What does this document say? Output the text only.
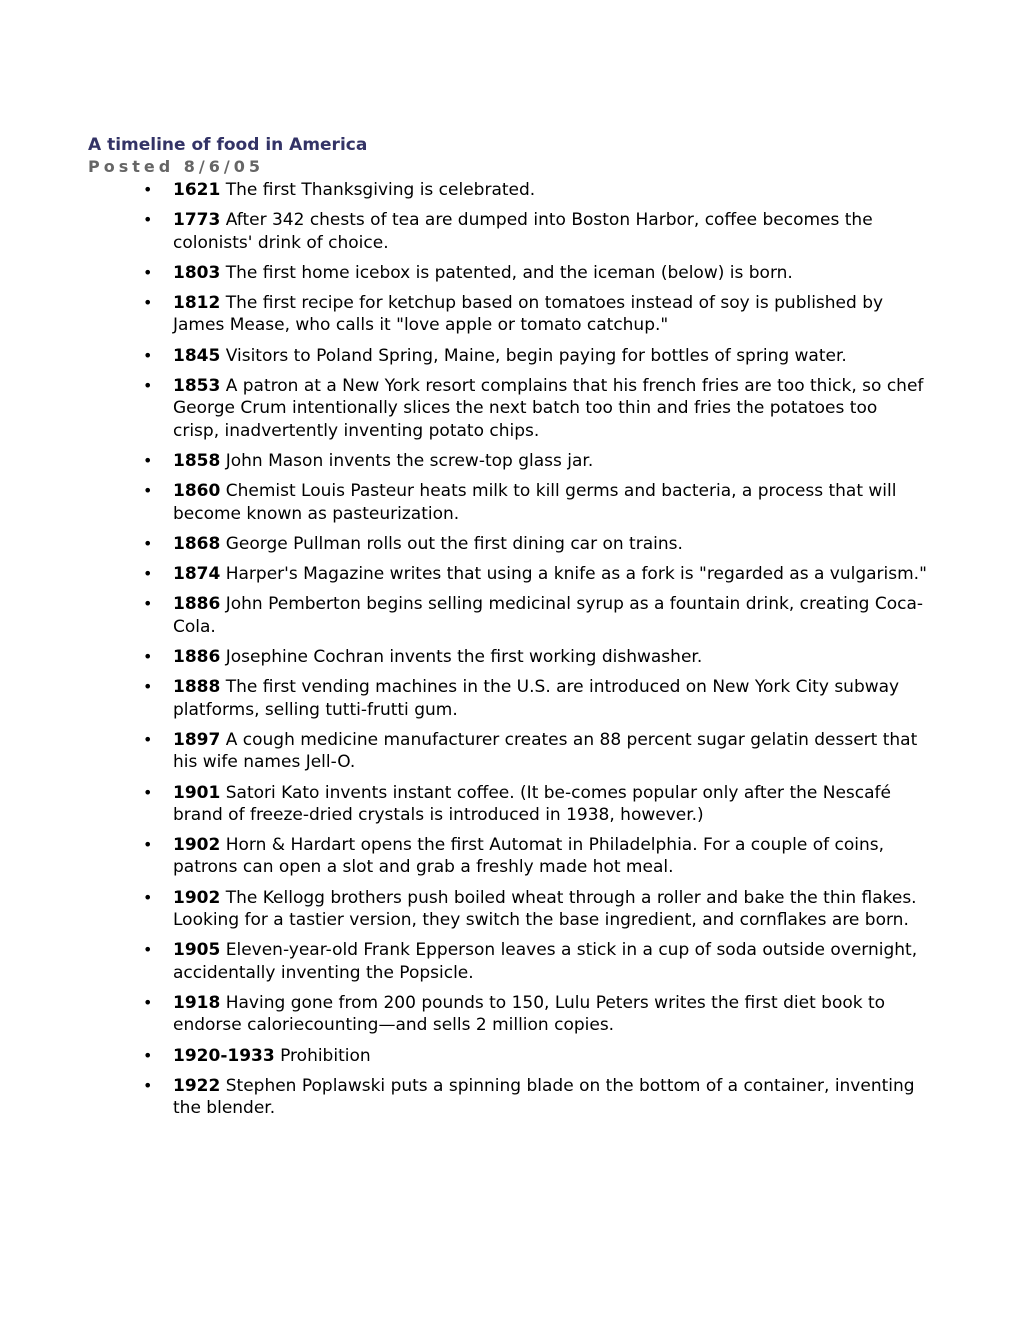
A timeline of food in America
Posted 8/6/05
• 1621 The first Thanksgiving is celebrated.
• 1773 After 342 chests of tea are dumped into Boston Harbor, coffee becomes the colonists' drink of choice.
• 1803 The first home icebox is patented, and the iceman (below) is born.
• 1812 The first recipe for ketchup based on tomatoes instead of soy is published by James Mease, who calls it "love apple or tomato catchup."
• 1845 Visitors to Poland Spring, Maine, begin paying for bottles of spring water.
• 1853 A patron at a New York resort complains that his french fries are too thick, so chef George Crum intentionally slices the next batch too thin and fries the potatoes too crisp, inadvertently inventing potato chips.
• 1858 John Mason invents the screw-top glass jar.
• 1860 Chemist Louis Pasteur heats milk to kill germs and bacteria, a process that will become known as pasteurization.
• 1868 George Pullman rolls out the first dining car on trains.
• 1874 Harper's Magazine writes that using a knife as a fork is "regarded as a vulgarism."
• 1886 John Pemberton begins selling medicinal syrup as a fountain drink, creating Coca-Cola.
• 1886 Josephine Cochran invents the first working dishwasher.
• 1888 The first vending machines in the U.S. are introduced on New York City subway platforms, selling tutti-frutti gum.
• 1897 A cough medicine manufacturer creates an 88 percent sugar gelatin dessert that his wife names Jell-O.
• 1901 Satori Kato invents instant coffee. (It be-comes popular only after the Nescafé brand of freeze-dried crystals is introduced in 1938, however.)
• 1902 Horn & Hardart opens the first Automat in Philadelphia. For a couple of coins, patrons can open a slot and grab a freshly made hot meal.
• 1902 The Kellogg brothers push boiled wheat through a roller and bake the thin flakes. Looking for a tastier version, they switch the base ingredient, and cornflakes are born.
• 1905 Eleven-year-old Frank Epperson leaves a stick in a cup of soda outside overnight, accidentally inventing the Popsicle.
• 1918 Having gone from 200 pounds to 150, Lulu Peters writes the first diet book to endorse caloriecounting—and sells 2 million copies.
• 1920-1933 Prohibition
• 1922 Stephen Poplawski puts a spinning blade on the bottom of a container, inventing the blender.
